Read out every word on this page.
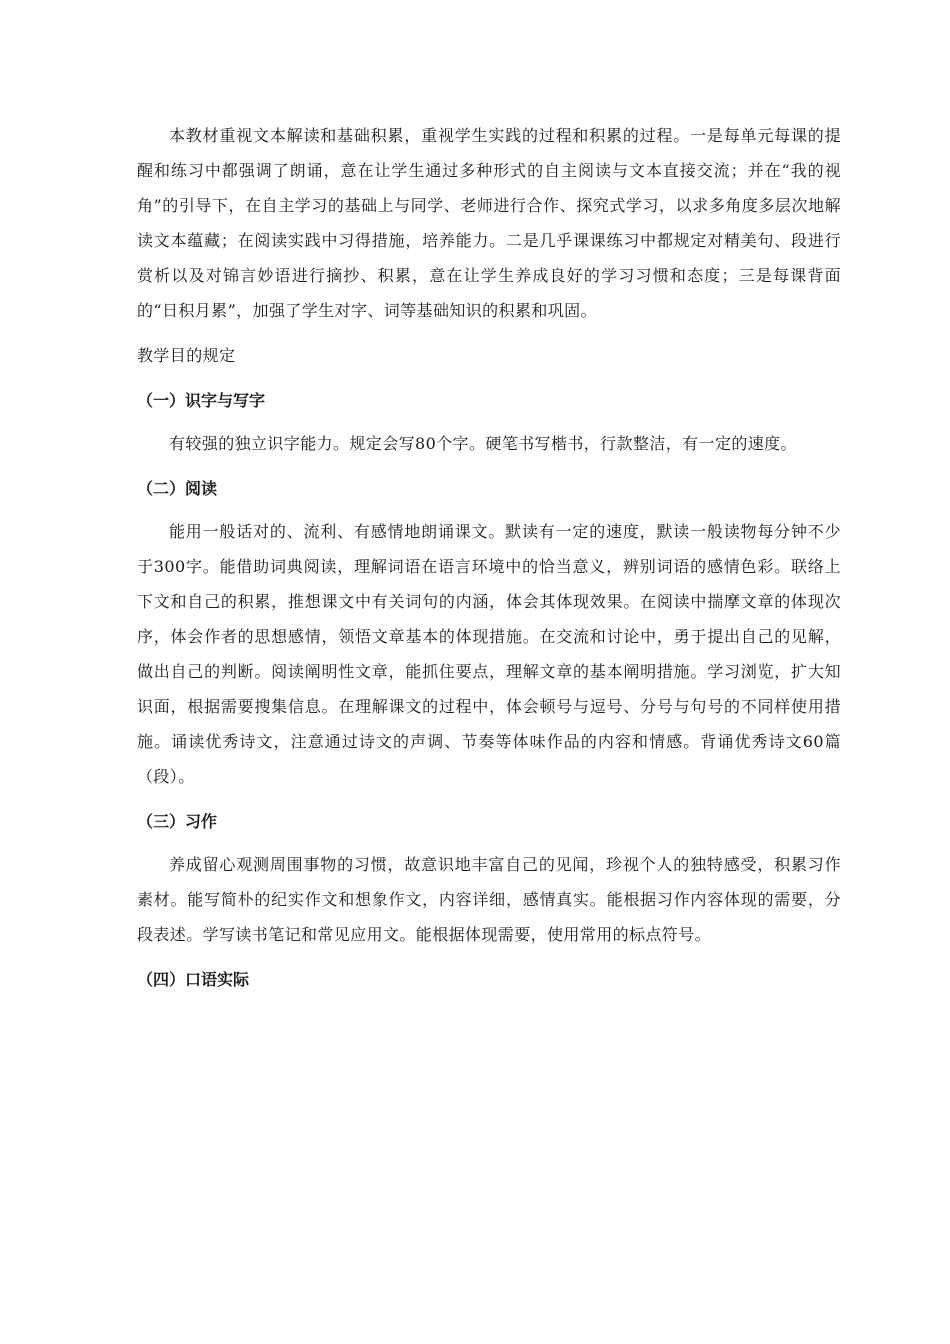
本教材重视文本解读和基础积累，重视学生实践的过程和积累的过程。一是每单元每课的提醒和练习中都强调了朗诵，意在让学生通过多种形式的自主阅读与文本直接交流；并在“我的视角”的引导下，在自主学习的基础上与同学、老师进行合作、探究式学习，以求多角度多层次地解读文本蕴藏；在阅读实践中习得措施，培养能力。二是几乎课课练习中都规定对精美句、段进行赏析以及对锦言妙语进行摘抄、积累，意在让学生养成良好的学习习惯和态度；三是每课背面的“日积月累”，加强了学生对字、词等基础知识的积累和巩固。

教学目的规定

（一）识字与写字

有较强的独立识字能力。规定会写80个字。硬笔书写楷书，行款整洁，有一定的速度。

（二）阅读

能用一般话对的、流利、有感情地朗诵课文。默读有一定的速度，默读一般读物每分钟不少于300字。能借助词典阅读，理解词语在语言环境中的恰当意义，辨别词语的感情色彩。联络上下文和自己的积累，推想课文中有关词句的内涵，体会其体现效果。在阅读中揣摩文章的体现次序，体会作者的思想感情，领悟文章基本的体现措施。在交流和讨论中，勇于提出自己的见解，做出自己的判断。阅读阐明性文章，能抓住要点，理解文章的基本阐明措施。学习浏览，扩大知识面，根据需要搜集信息。在理解课文的过程中，体会顿号与逗号、分号与句号的不同样使用措施。诵读优秀诗文，注意通过诗文的声调、节奏等体味作品的内容和情感。背诵优秀诗文60篇（段）。

（三）习作

养成留心观测周围事物的习惯，故意识地丰富自己的见闻，珍视个人的独特感受，积累习作素材。能写简朴的纪实作文和想象作文，内容详细，感情真实。能根据习作内容体现的需要，分段表述。学写读书笔记和常见应用文。能根据体现需要，使用常用的标点符号。

（四）口语实际
